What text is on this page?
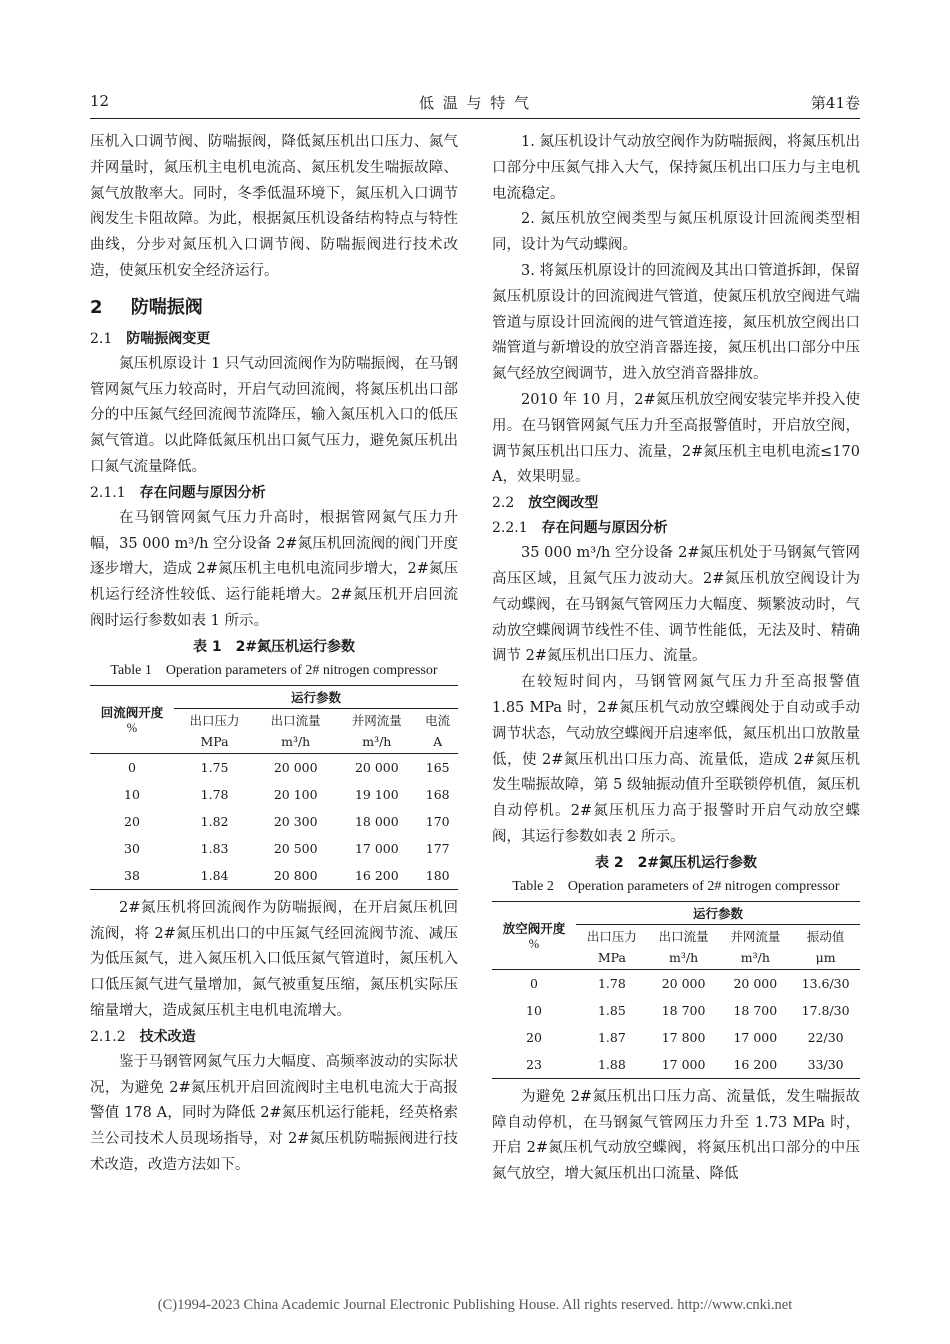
12	低 温 与 特 气	第41卷

压机入口调节阀、防喘振阀，降低氮压机出口压力、氮气并网量时，氮压机主电机电流高、氮压机发生喘振故障、氮气放散率大。同时，冬季低温环境下，氮压机入口调节阀发生卡阻故障。为此，根据氮压机设备结构特点与特性曲线，分步对氮压机入口调节阀、防喘振阀进行技术改造，使氮压机安全经济运行。

2 防喘振阀
2.1 防喘振阀变更

氮压机原设计 1 只气动回流阀作为防喘振阀，在马钢管网氮气压力较高时，开启气动回流阀，将氮压机出口部分的中压氮气经回流阀节流降压，输入氮压机入口的低压氮气管道。以此降低氮压机出口氮气压力，避免氮压机出口氮气流量降低。

2.1.1 存在问题与原因分析

在马钢管网氮气压力升高时，根据管网氮气压力升幅，35 000 m³/h 空分设备 2#氮压机回流阀的阀门开度逐步增大，造成 2#氮压机主电机电流同步增大，2#氮压机运行经济性较低、运行能耗增大。2#氮压机开启回流阀时运行参数如表 1 所示。

表 1　2#氮压机运行参数
Table 1　Operation parameters of 2# nitrogen compressor
回流阀开度
%	运行参数			
	出口压力	出口流量	并网流量	电流
	MPa	m³/h	m³/h	A
0	1.75	20 000	20 000	165
10	1.78	20 100	19 100	168
20	1.82	20 300	18 000	170
30	1.83	20 500	17 000	177
38	1.84	20 800	16 200	180

2#氮压机将回流阀作为防喘振阀，在开启氮压机回流阀，将 2#氮压机出口的中压氮气经回流阀节流、减压为低压氮气，进入氮压机入口低压氮气管道时，氮压机入口低压氮气进气量增加，氮气被重复压缩，氮压机实际压缩量增大，造成氮压机主电机电流增大。

2.1.2 技术改造

鉴于马钢管网氮气压力大幅度、高频率波动的实际状况，为避免 2#氮压机开启回流阀时主电机电流大于高报警值 178 A，同时为降低 2#氮压机运行能耗，经英格索兰公司技术人员现场指导，对 2#氮压机防喘振阀进行技术改造，改造方法如下。

1. 氮压机设计气动放空阀作为防喘振阀，将氮压机出口部分中压氮气排入大气，保持氮压机出口压力与主电机电流稳定。

2. 氮压机放空阀类型与氮压机原设计回流阀类型相同，设计为气动蝶阀。

3. 将氮压机原设计的回流阀及其出口管道拆卸，保留氮压机原设计的回流阀进气管道，使氮压机放空阀进气端管道与原设计回流阀的进气管道连接，氮压机放空阀出口端管道与新增设的放空消音器连接，氮压机出口部分中压氮气经放空阀调节，进入放空消音器排放。

2010 年 10 月，2#氮压机放空阀安装完毕并投入使用。在马钢管网氮气压力升至高报警值时，开启放空阀，调节氮压机出口压力、流量，2#氮压机主电机电流≤170 A，效果明显。

2.2 放空阀改型
2.2.1 存在问题与原因分析

35 000 m³/h 空分设备 2#氮压机处于马钢氮气管网高压区域，且氮气压力波动大。2#氮压机放空阀设计为气动蝶阀，在马钢氮气管网压力大幅度、频繁波动时，气动放空蝶阀调节线性不佳、调节性能低，无法及时、精确调节 2#氮压机出口压力、流量。

在较短时间内，马钢管网氮气压力升至高报警值 1.85 MPa 时，2#氮压机气动放空蝶阀处于自动或手动调节状态，气动放空蝶阀开启速率低，氮压机出口放散量低，使 2#氮压机出口压力高、流量低，造成 2#氮压机发生喘振故障，第 5 级轴振动值升至联锁停机值，氮压机自动停机。2#氮压机压力高于报警时开启气动放空蝶阀，其运行参数如表 2 所示。

表 2　2#氮压机运行参数
Table 2　Operation parameters of 2# nitrogen compressor
放空阀开度
%	运行参数			
	出口压力	出口流量	并网流量	振动值
	MPa	m³/h	m³/h	μm
0	1.78	20 000	20 000	13.6/30
10	1.85	18 700	18 700	17.8/30
20	1.87	17 800	17 000	22/30
23	1.88	17 000	16 200	33/30

为避免 2#氮压机出口压力高、流量低，发生喘振故障自动停机，在马钢氮气管网压力升至 1.73 MPa 时，开启 2#氮压机气动放空蝶阀，将氮压机出口部分的中压氮气放空，增大氮压机出口流量、降低

(C)1994-2023 China Academic Journal Electronic Publishing House. All rights reserved. http://www.cnki.net
